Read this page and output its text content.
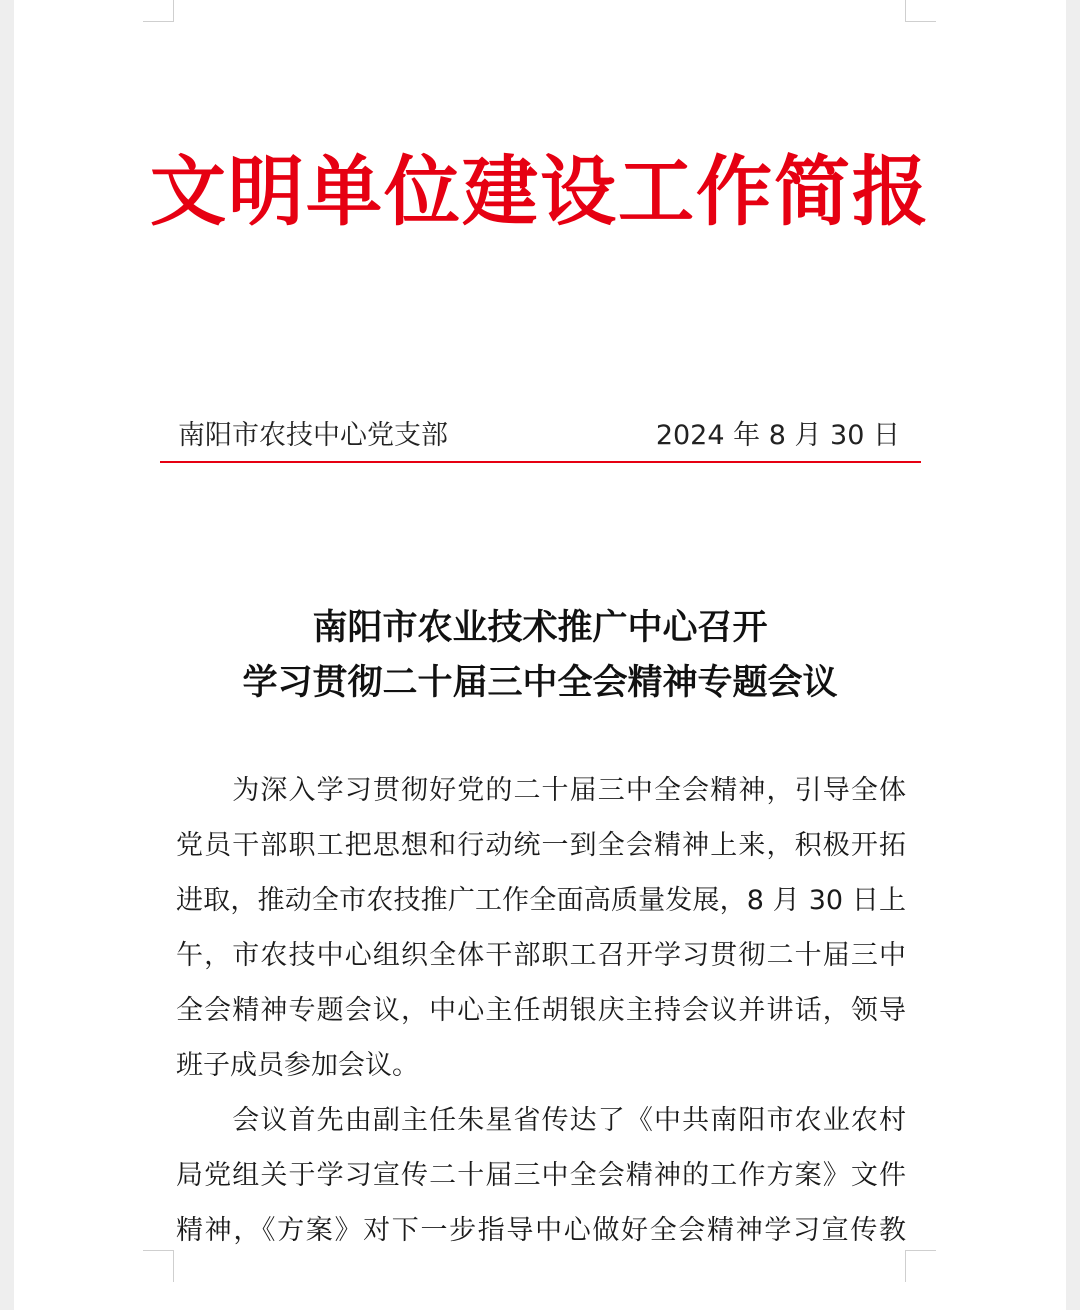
文明单位建设工作简报
南阳市农技中心党支部	2024 年 8 月 30 日
南阳市农业技术推广中心召开
学习贯彻二十届三中全会精神专题会议
　　为深入学习贯彻好党的二十届三中全会精神，引导全体
党员干部职工把思想和行动统一到全会精神上来，积极开拓
进取，推动全市农技推广工作全面高质量发展，8 月 30 日上
午，市农技中心组织全体干部职工召开学习贯彻二十届三中
全会精神专题会议，中心主任胡银庆主持会议并讲话，领导
班子成员参加会议。
　　会议首先由副主任朱星省传达了《中共南阳市农业农村
局党组关于学习宣传二十届三中全会精神的工作方案》文件
精神，《方案》对下一步指导中心做好全会精神学习宣传教
